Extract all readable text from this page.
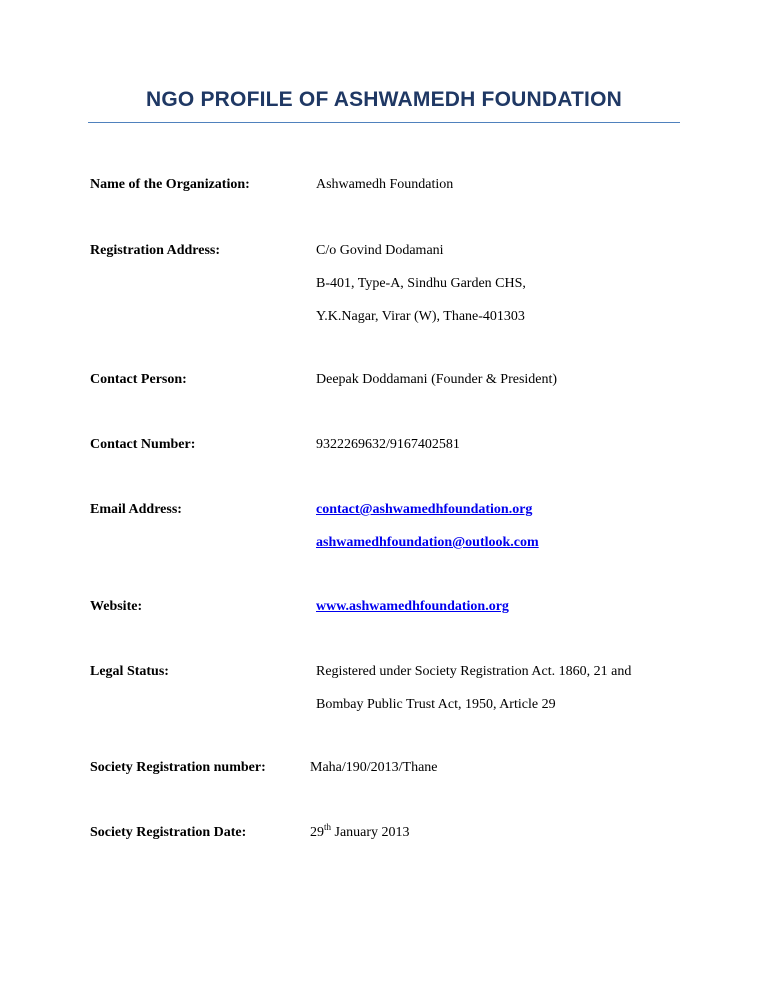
NGO PROFILE OF ASHWAMEDH FOUNDATION
Name of the Organization:	Ashwamedh Foundation
Registration Address:	C/o Govind Dodamani
B-401, Type-A, Sindhu Garden CHS,
Y.K.Nagar, Virar (W), Thane-401303
Contact Person:	Deepak Doddamani (Founder & President)
Contact Number:	9322269632/9167402581
Email Address:	contact@ashwamedhfoundation.org
ashwamedhfoundation@outlook.com
Website:	www.ashwamedhfoundation.org
Legal Status:	Registered under Society Registration Act. 1860, 21 and
Bombay Public Trust Act, 1950, Article 29
Society Registration number:	Maha/190/2013/Thane
Society Registration Date:	29th January 2013
